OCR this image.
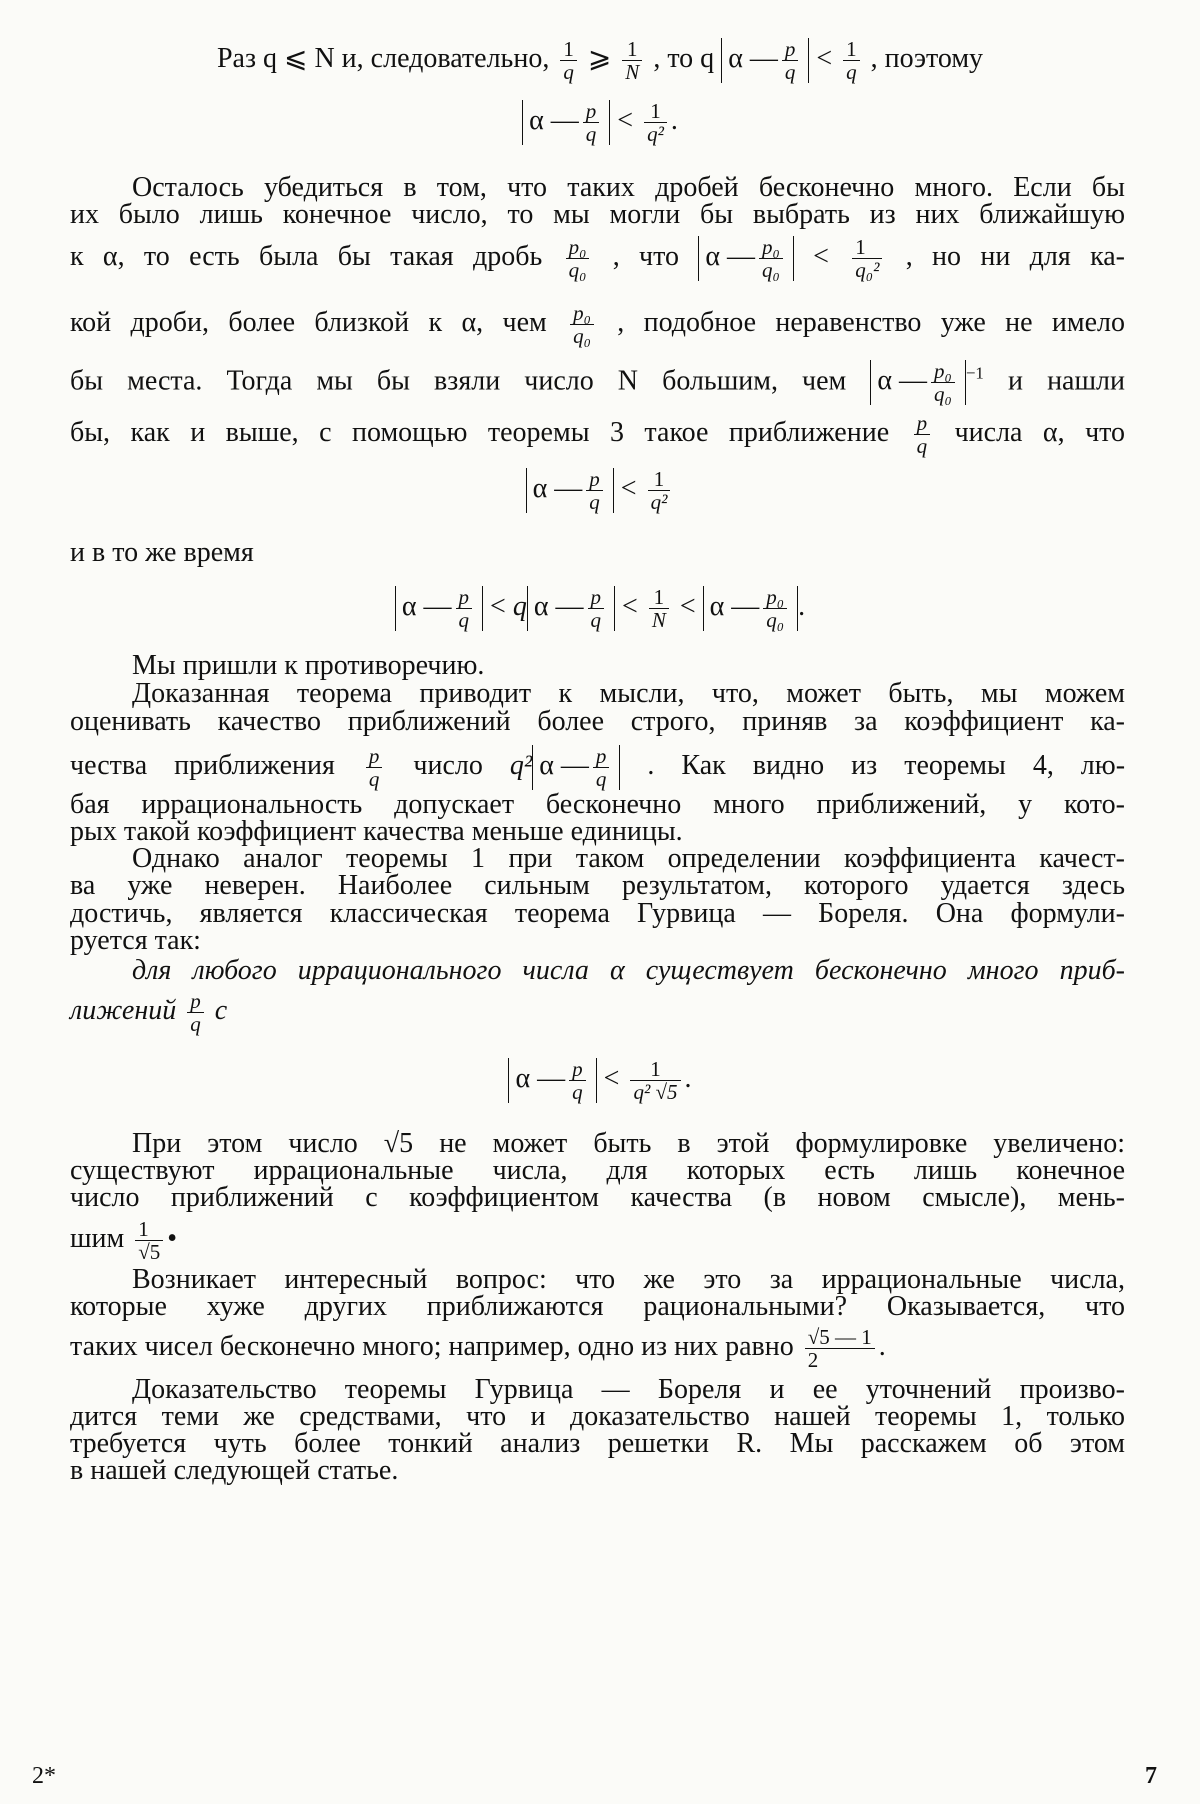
Раз q ⩽ N и, следовательно, $\frac{1}{q}$ ⩾ $\frac{1}{N}$ , то q α — $\frac{p}{q} < \frac{1}{q}$ , поэтому
α — $\frac{p}{q} < \frac{1}{\text{q²}}$ .
Осталось убедиться в том, что таких дробей бесконечно много. Если бы
их было лишь конечное число, то мы могли бы выбрать из них ближайшую
к α, то есть была бы такая дробь $\frac{\text{p₀}}{\text{q₀}}$ , что α — $\frac{\text{p₀}}{\text{q₀}} < \frac{1}{\text{q₀²}}$ , но ни для ка-
кой дроби, более близкой к α, чем $\frac{\text{p₀}}{\text{q₀}}$ , подобное неравенство уже не имело
бы места. Тогда мы бы взяли число N большим, чем α — $\frac{\text{p₀}}{\text{q₀}} ^{-1}$ и нашли
бы, как и выше, с помощью теоремы 3 такое приближение $\frac{p}{q}$ числа α, что
α — $\frac{p}{q} < \frac{1}{\text{q²}}$
и в то же время
α — $\frac{p}{q} < q$ α — $\frac{p}{q} < \frac{1}{N} < \alpha$ — $\frac{\text{p₀}}{\text{q₀}}$ .
Мы пришли к противоречию.
Доказанная теорема приводит к мысли, что, может быть, мы можем
оценивать качество приближений более строго, приняв за коэффициент ка-
чества приближения $\frac{p}{q}$ число q² α — $\frac{p}{q}$ . Как видно из теоремы 4, лю-
бая иррациональность допускает бесконечно много приближений, у кото-
рых такой коэффициент качества меньше единицы.
Однако аналог теоремы 1 при таком определении коэффициента качест-
ва уже неверен. Наиболее сильным результатом, которого удается здесь
достичь, является классическая теорема Гурвица — Бореля. Она формули-
руется так:
для любого иррационального числа α существует бесконечно много приб-
лижений $\frac{p}{q}$ с
α — $\frac{p}{q} < \frac{1}{\text{q² √5}}$ .
При этом число √5 не может быть в этой формулировке увеличено:
существуют иррациональные числа, для которых есть лишь конечное
число приближений с коэффициентом качества (в новом смысле), мень-
шим $\frac{1}{√5}$ •
Возникает интересный вопрос: что же это за иррациональные числа,
которые хуже других приближаются рациональными? Оказывается, что
таких чисел бесконечно много; например, одно из них равно $\frac{√5 — 1}{2}$ .
Доказательство теоремы Гурвица — Бореля и ее уточнений произво-
дится теми же средствами, что и доказательство нашей теоремы 1, только
требуется чуть более тонкий анализ решетки R. Мы расскажем об этом
в нашей следующей статье.
2*	7
